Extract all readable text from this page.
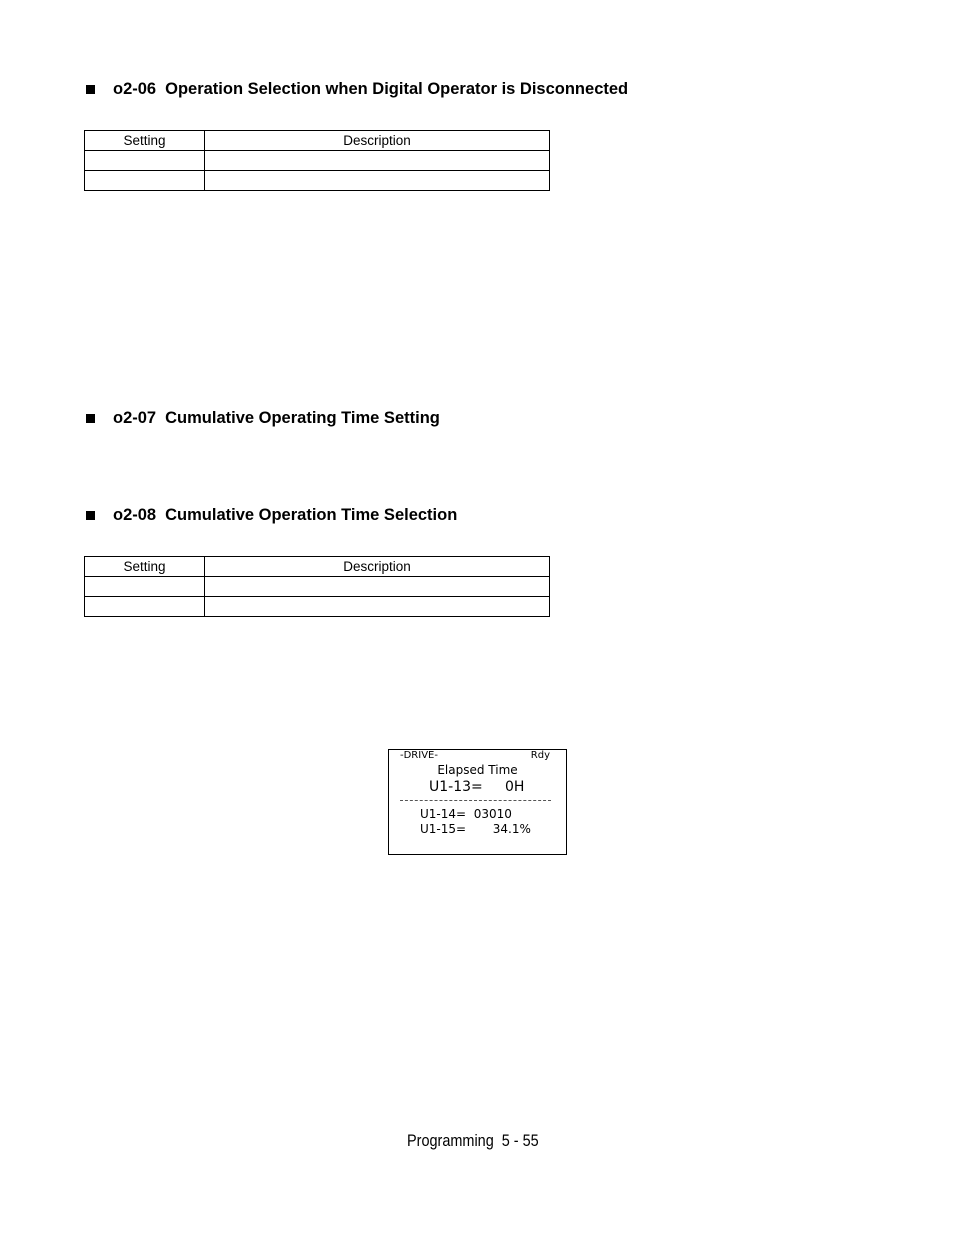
o2-06 Operation Selection when Digital Operator is Disconnected
Setting	Description

o2-07 Cumulative Operating Time Setting
o2-08 Cumulative Operation Time Selection
Setting	Description

-DRIVE-	Rdy
Elapsed Time
U1-13=     0H
U1-14=  03010
U1-15=       34.1%
Programming  5 - 55
